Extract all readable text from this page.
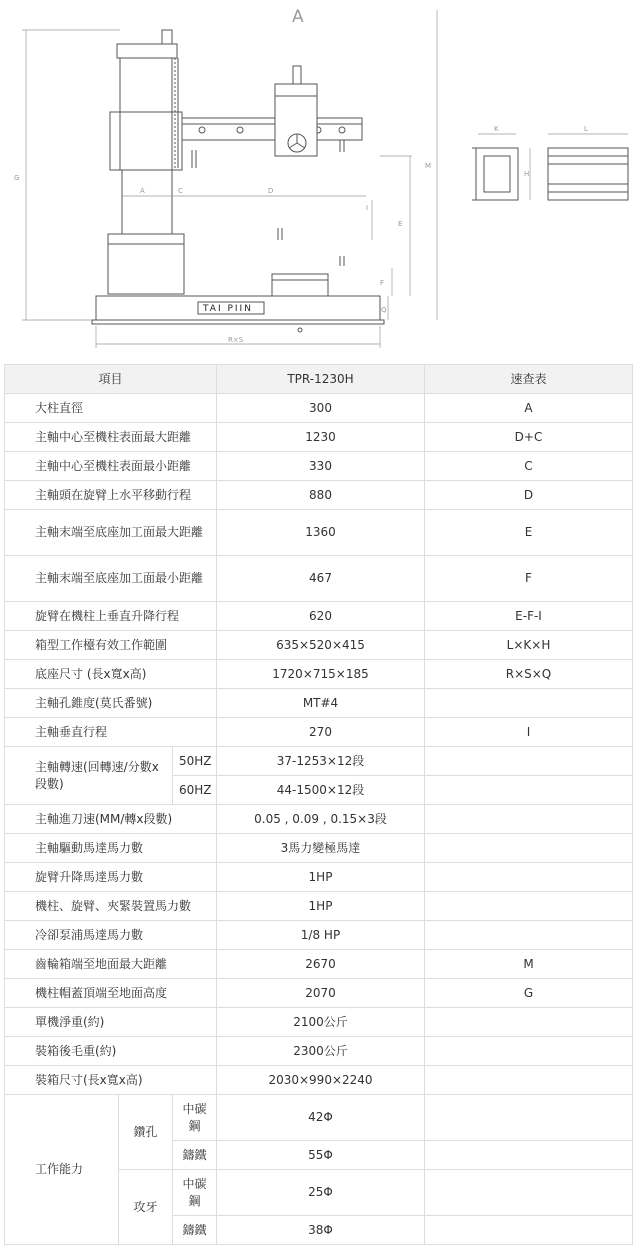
A
G
M
A	C	D
E
I
F
Q
R×S
K
H
L
TAI PIIN
項目			TPR-1230H	速查表
大柱直徑			300	A
主軸中心至機柱表面最大距離			1230	D+C
主軸中心至機柱表面最小距離			330	C
主軸頭在旋臂上水平移動行程			880	D
主軸末端至底座加工面最大距離			1360	E
主軸末端至底座加工面最小距離			467	F
旋臂在機柱上垂直升降行程			620	E-F-I
箱型工作檯有效工作範圍			635×520×415	L×K×H
底座尺寸 (長x寬x高)			1720×715×185	R×S×Q
主軸孔錐度(莫氏番號)			MT#4	
主軸垂直行程			270	I
主軸轉速(回轉速/分數x段數)		50HZ	37-1253×12段	
		60HZ	44-1500×12段	
主軸進刀速(MM/轉x段數)			0.05 , 0.09 , 0.15×3段	
主軸驅動馬達馬力數			3馬力變極馬達	
旋臂升降馬達馬力數			1HP	
機柱、旋臂、夾緊裝置馬力數			1HP	
冷卻泵浦馬達馬力數			1/8 HP	
齒輪箱端至地面最大距離			2670	M
機柱帽蓋頂端至地面高度			2070	G
單機淨重(約)			2100公斤	
裝箱後毛重(約)			2300公斤	
裝箱尺寸(長x寬x高)			2030×990×2240	
工作能力	鑽孔	中碳鋼	42Φ	
		鑄鐵	55Φ	
	攻牙	中碳鋼	25Φ	
		鑄鐵	38Φ	
